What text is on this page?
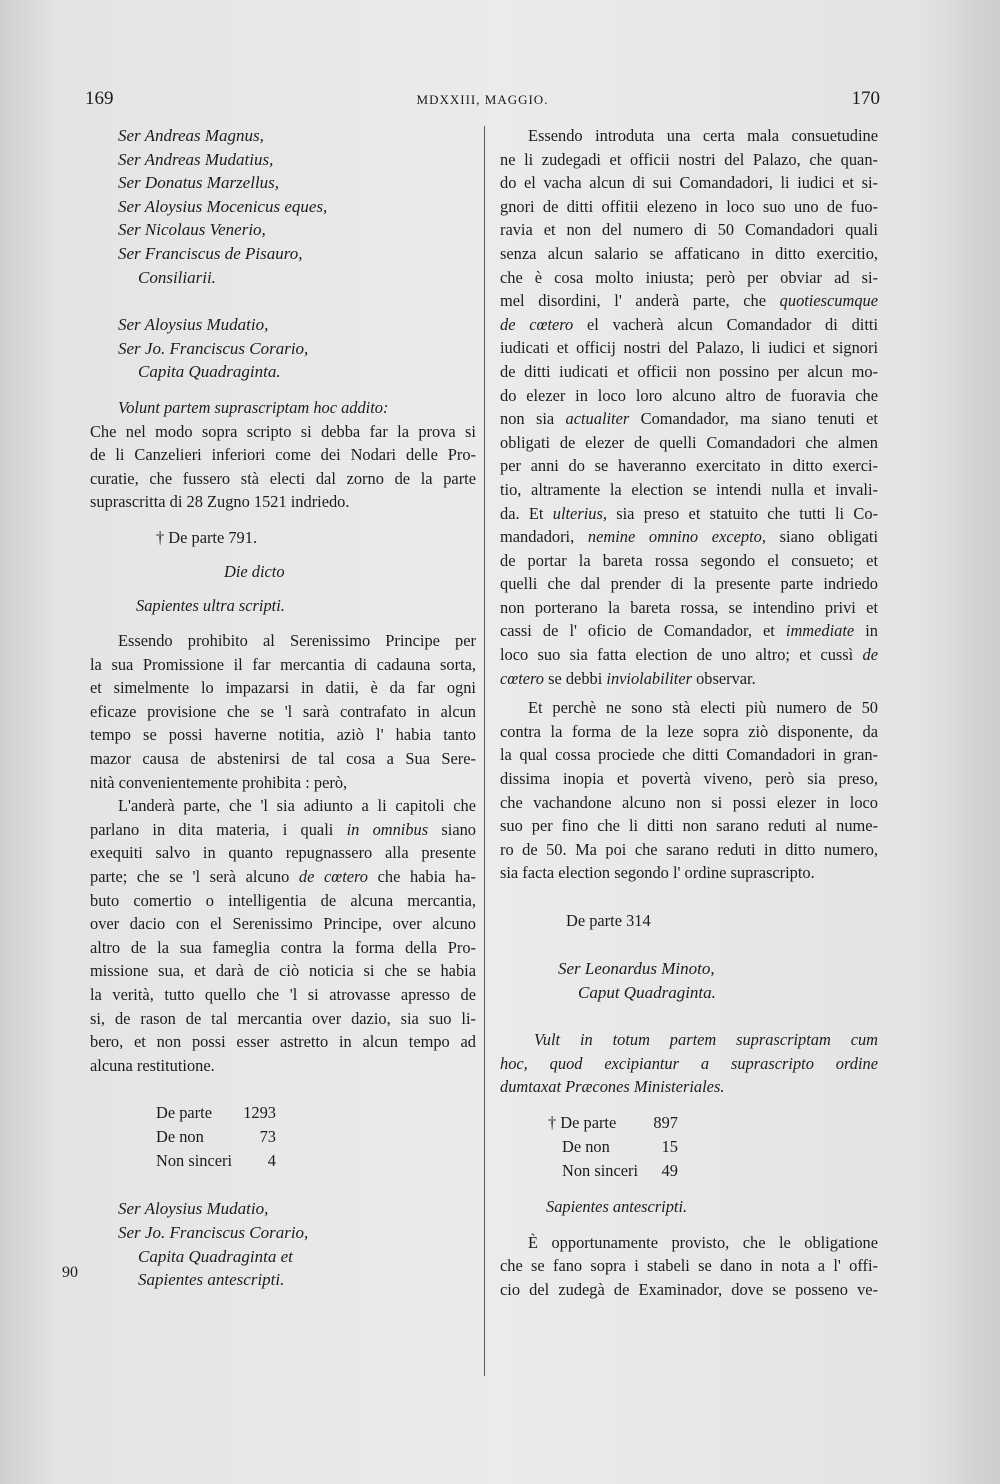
169	MDXXIII, MAGGIO.	170
90
Ser Andreas Magnus,
Ser Andreas Mudatius,
Ser Donatus Marzellus,
Ser Aloysius Mocenicus eques,
Ser Nicolaus Venerio,
Ser Franciscus de Pisauro,
Consiliarii.
Ser Aloysius Mudatio,
Ser Jo. Franciscus Corario,
Capita Quadraginta.
Volunt partem suprascriptam hoc addito:
Che nel modo sopra scripto si debba far la prova si
de li Canzelieri inferiori come dei Nodari delle Pro-
curatie, che fussero stà electi dal zorno de la parte
suprascritta di 28 Zugno 1521 indriedo.
† De parte 791.
Die dicto
Sapientes ultra scripti.
Essendo prohibito al Serenissimo Principe per
la sua Promissione il far mercantia di cadauna sorta,
et simelmente lo impazarsi in datii, è da far ogni
eficaze provisione che se 'l sarà contrafato in alcun
tempo se possi haverne notitia, aziò l' habia tanto
mazor causa de abstenirsi de tal cosa a Sua Sere-
nità convenientemente prohibita : però,
L'anderà parte, che 'l sia adiunto a li capitoli che
parlano in dita materia, i quali in omnibus siano
exequiti salvo in quanto repugnassero alla presente
parte; che se 'l serà alcuno de cœtero che habia ha-
buto comertio o intelligentia de alcuna mercantia,
over dacio con el Serenissimo Principe, over alcuno
altro de la sua fameglia contra la forma della Pro-
missione sua, et darà de ciò noticia si che se habia
la verità, tutto quello che 'l si atrovasse apresso de
si, de rason de tal mercantia over dazio, sia suo li-
bero, et non possi esser astretto in alcun tempo ad
alcuna restitutione.
De parte	1293
De non	73
Non sinceri	4
Ser Aloysius Mudatio,
Ser Jo. Franciscus Corario,
Capita Quadraginta et
Sapientes antescripti.
Essendo introduta una certa mala consuetudine
ne li zudegadi et officii nostri del Palazo, che quan-
do el vacha alcun di sui Comandadori, li iudici et si-
gnori de ditti offitii elezeno in loco suo uno de fuo-
ravia et non del numero di 50 Comandadori quali
senza alcun salario se affaticano in ditto exercitio,
che è cosa molto iniusta; però per obviar ad si-
mel disordini, l' anderà parte, che quotiescumque
de cœtero el vacherà alcun Comandador di ditti
iudicati et officij nostri del Palazo, li iudici et signori
de ditti iudicati et officii non possino per alcun mo-
do elezer in loco loro alcuno altro de fuoravia che
non sia actualiter Comandador, ma siano tenuti et
obligati de elezer de quelli Comandadori che almen
per anni do se haveranno exercitato in ditto exerci-
tio, altramente la election se intendi nulla et invali-
da. Et ulterius, sia preso et statuito che tutti li Co-
mandadori, nemine omnino excepto, siano obligati
de portar la bareta rossa segondo el consueto; et
quelli che dal prender di la presente parte indriedo
non porterano la bareta rossa, se intendino privi et
cassi de l' oficio de Comandador, et immediate in
loco suo sia fatta election de uno altro; et cussì de
cœtero se debbi inviolabiliter observar.
Et perchè ne sono stà electi più numero de 50
contra la forma de la leze sopra ziò disponente, da
la qual cossa prociede che ditti Comandadori in gran-
dissima inopia et povertà viveno, però sia preso,
che vachandone alcuno non si possi elezer in loco
suo per fino che li ditti non sarano reduti al nume-
ro de 50. Ma poi che sarano reduti in ditto numero,
sia facta election segondo l' ordine suprascripto.
De parte 314
Ser Leonardus Minoto,
Caput Quadraginta.
Vult in totum partem suprascriptam cum
hoc, quod excipiantur a suprascripto ordine
dumtaxat Præcones Ministeriales.
† De parte	897
De non	15
Non sinceri	49
Sapientes antescripti.
È opportunamente provisto, che le obligatione
che se fano sopra i stabeli se dano in nota a l' offi-
cio del zudegà de Examinador, dove se posseno ve-
